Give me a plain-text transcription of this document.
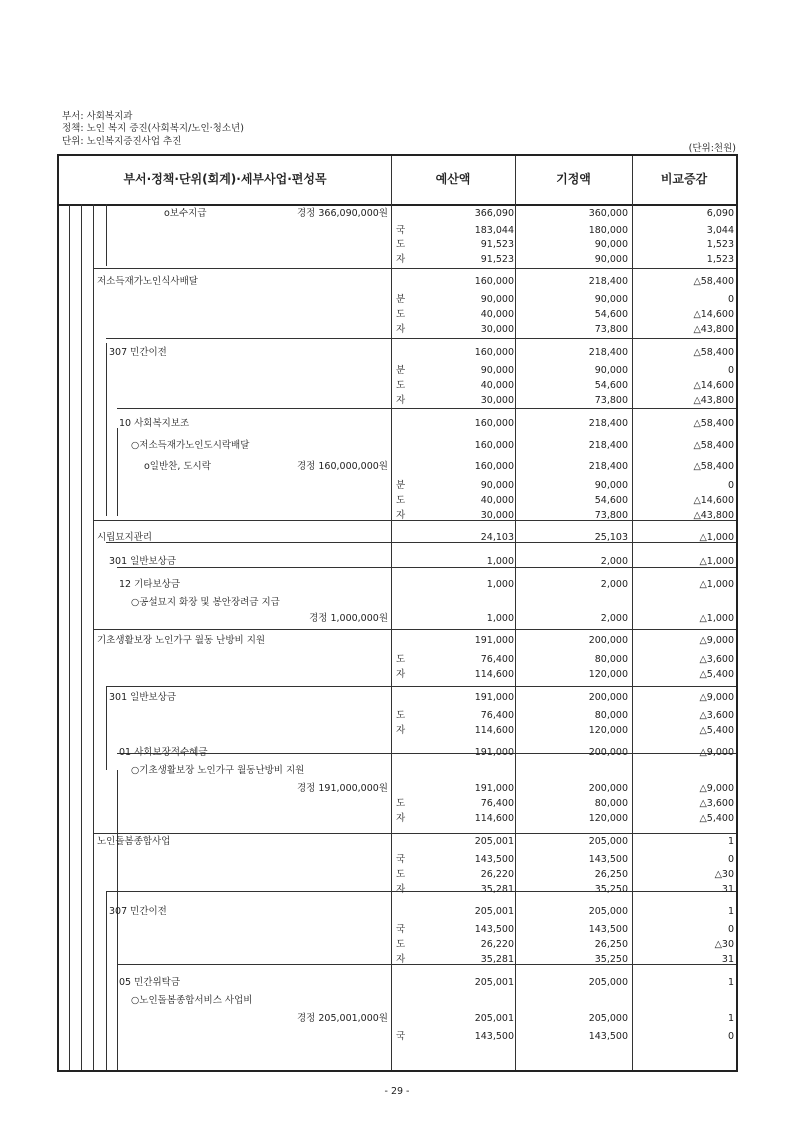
부서: 사회복지과
정책: 노인 복지 증진(사회복지/노인·청소년)
단위: 노인복지증진사업 추진
(단위:천원)
부서·정책·단위(회계)·세부사업·편성목	예산액	기정액	비교증감
ο보수지급	경정 366,090,000원	366,090	360,000	6,090
국	183,044	180,000	3,044
도	91,523	90,000	1,523
자	91,523	90,000	1,523
저소득재가노인식사배달	160,000	218,400	△58,400
분	90,000	90,000	0
도	40,000	54,600	△14,600
자	30,000	73,800	△43,800
307 민간이전	160,000	218,400	△58,400
분	90,000	90,000	0
도	40,000	54,600	△14,600
자	30,000	73,800	△43,800
10 사회복지보조	160,000	218,400	△58,400
○저소득재가노인도시락배달	160,000	218,400	△58,400
ο일반찬, 도시락	경정 160,000,000원	160,000	218,400	△58,400
분	90,000	90,000	0
도	40,000	54,600	△14,600
자	30,000	73,800	△43,800
시립묘지관리	24,103	25,103	△1,000
301 일반보상금	1,000	2,000	△1,000
12 기타보상금	1,000	2,000	△1,000
○공설묘지 화장 및 봉안장려금 지급
경정 1,000,000원	1,000	2,000	△1,000
기초생활보장 노인가구 월동 난방비 지원	191,000	200,000	△9,000
도	76,400	80,000	△3,600
자	114,600	120,000	△5,400
301 일반보상금	191,000	200,000	△9,000
도	76,400	80,000	△3,600
자	114,600	120,000	△5,400
01 사회보장적수혜금	191,000	200,000	△9,000
○기초생활보장 노인가구 월동난방비 지원
경정 191,000,000원	191,000	200,000	△9,000
도	76,400	80,000	△3,600
자	114,600	120,000	△5,400
노인돌봄종합사업	205,001	205,000	1
국	143,500	143,500	0
도	26,220	26,250	△30
자	35,281	35,250	31
307 민간이전	205,001	205,000	1
국	143,500	143,500	0
도	26,220	26,250	△30
자	35,281	35,250	31
05 민간위탁금	205,001	205,000	1
○노인돌봄종합서비스 사업비
경정 205,001,000원	205,001	205,000	1
국	143,500	143,500	0
- 29 -
